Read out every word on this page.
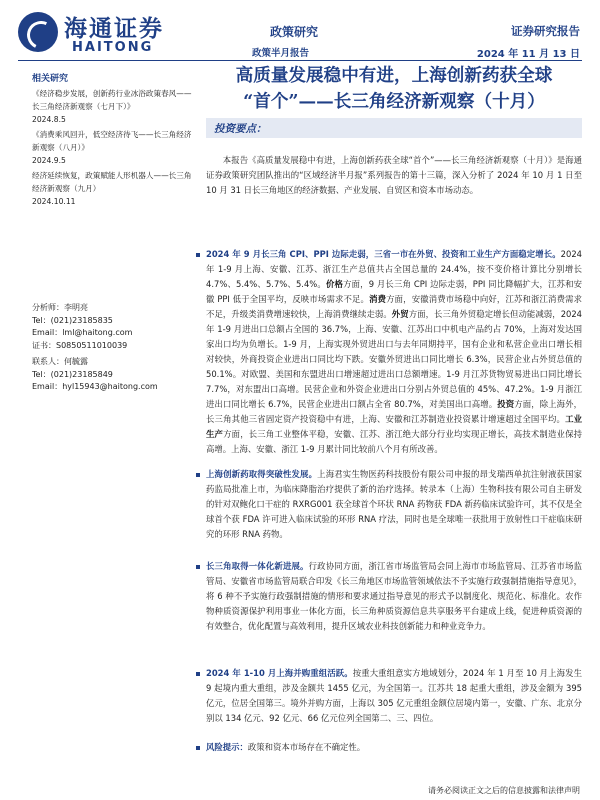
海通证券
HAITONG
政策研究
政策半月报告
证券研究报告
2024 年 11 月 13 日
相关研究
《经济稳步发展，创新药行业冰浴政策春风——长三角经济新观察（七月下）》
2024.8.5
《消费乘风回升，低空经济待飞——长三角经济新观察（八月）》
2024.9.5
经济延续恢复，政策赋能人形机器人——长三角经济新观察（九月）
2024.10.11
分析师：李明亮
Tel：(021)23185835
Email：lml@haitong.com
证书：S0850511010039
联系人：何毓露
Tel：(021)23185849
Email：hyl15943@haitong.com
高质量发展稳中有进，上海创新药获全球
“首个”——长三角经济新观察（十月）
投资要点：
本报告《高质量发展稳中有进，上海创新药获全球“首个”——长三角经济新观察（十月）》是海通证券政策研究团队推出的“区域经济半月报”系列报告的第十三篇，深入分析了 2024 年 10 月 1 日至 10 月 31 日长三角地区的经济数据、产业发展、自贸区和资本市场动态。
2024 年 9 月长三角 CPI、PPI 边际走弱，三省一市在外贸、投资和工业生产方面稳定增长。2024 年 1-9 月上海、安徽、江苏、浙江生产总值共占全国总量的 24.4%，按不变价格计算比分别增长 4.7%、5.4%、5.7%、5.4%。价格方面，9 月长三角 CPI 边际走弱，PPI 同比降幅扩大，江苏和安徽 PPI 低于全国平均，反映市场需求不足。消费方面，安徽消费市场稳中向好，江苏和浙江消费需求不足，升级类消费增速较快，上海消费继续走弱。外贸方面，长三角外贸稳定增长但动能减弱，2024 年 1-9 月进出口总额占全国的 36.7%，上海、安徽、江苏出口中机电产品约占 70%，上海对发达国家出口均为负增长。1-9 月，上海实现外贸进出口与去年同期持平，国有企业和私营企业出口增长相对较快，外商投资企业进出口同比均下跌。安徽外贸进出口同比增长 6.3%，民营企业占外贸总值的 50.1%。对欧盟、美国和东盟进出口增速超过进出口总额增速。1-9 月江苏货物贸易进出口同比增长 7.7%，对东盟出口高增。民营企业和外资企业进出口分别占外贸总值的 45%、47.2%。1-9 月浙江进出口同比增长 6.7%，民营企业进出口额占全省 80.7%，对美国出口高增。投资方面，除上海外，长三角其他三省固定资产投资稳中有进，上海、安徽和江苏制造业投资累计增速超过全国平均。工业生产方面，长三角工业整体平稳，安徽、江苏、浙江绝大部分行业均实现正增长，高技术制造业保持高增。上海、安徽、浙江 1-9 月累计同比较前八个月有所改善。
上海创新药取得突破性发展。上海君实生物医药科技股份有限公司申报的昂戈瑞西单抗注射液获国家药监局批准上市，为临床降脂治疗提供了新的治疗选择。转录本（上海）生物科技有限公司自主研发的针对双鲍化口干症的 RXRG001 获全球首个环状 RNA 药物获 FDA 新药临床试验许可，其不仅是全球首个获 FDA 许可进入临床试验的环形 RNA 疗法，同时也是全球唯一获批用于放射性口干症临床研究的环形 RNA 药物。
长三角取得一体化新进展。行政协同方面，浙江省市场监管局会同上海市市场监管局、江苏省市场监管局、安徽省市场监管局联合印发《长三角地区市场监管领域依法不予实施行政强制措施指导意见》，将 6 种不予实施行政强制措施的情形和要求通过指导意见的形式予以制度化、规范化、标准化。农作物种质资源保护利用事业一体化方面，长三角种质资源信息共享服务平台建成上线，促进种质资源的有效整合，优化配置与高效利用，提升区域农业科技创新能力和种业竞争力。
2024 年 1-10 月上海并购重组活跃。按重大重组意实方地域划分，2024 年 1 月至 10 月上海发生 9 起境内重大重组，涉及金额共 1455 亿元，为全国第一。江苏共 18 起重大重组，涉及金额为 395 亿元，位居全国第三。境外并购方面，上海以 305 亿元重组金额位居境内第一，安徽、广东、北京分别以 134 亿元、92 亿元、66 亿元位列全国第二、三、四位。
风险提示：政策和资本市场存在不确定性。
请务必阅读正文之后的信息披露和法律声明
